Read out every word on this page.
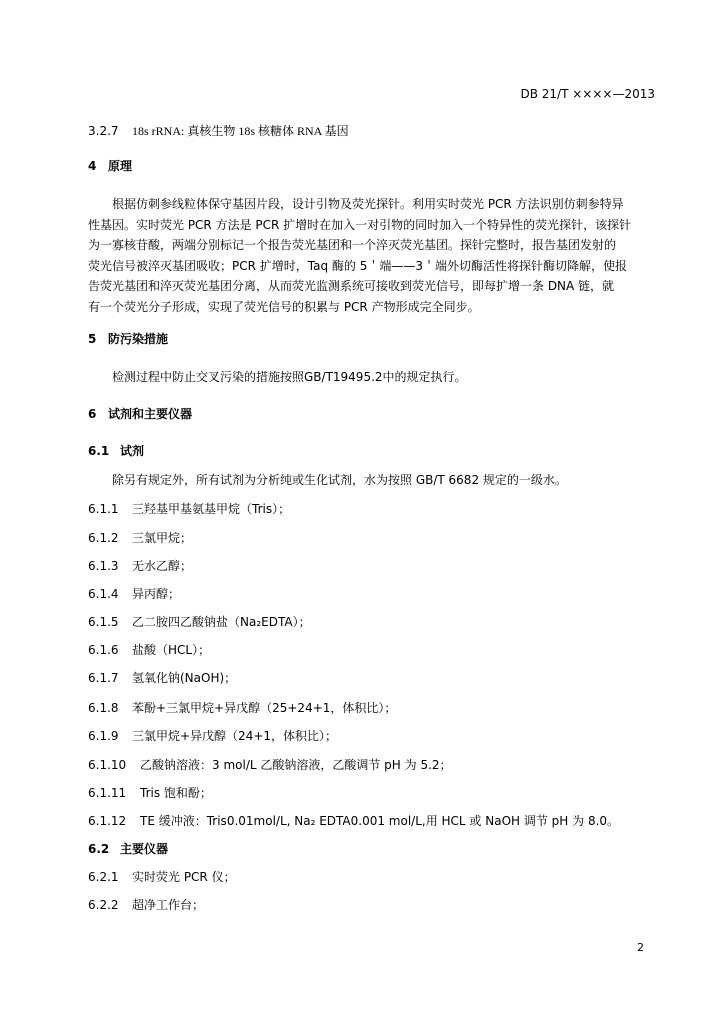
DB 21/T ××××—2013
3.2.7 18s rRNA: 真核生物 18s 核糖体 RNA 基因
4 原理
根据仿刺参线粒体保守基因片段，设计引物及荧光探针。利用实时荧光 PCR 方法识别仿刺参特异
性基因。实时荧光 PCR 方法是 PCR 扩增时在加入一对引物的同时加入一个特异性的荧光探针，该探针
为一寡核苷酸，两端分别标记一个报告荧光基团和一个淬灭荧光基团。探针完整时，报告基团发射的
荧光信号被淬灭基团吸收；PCR 扩增时，Taq 酶的 5＇端——3＇端外切酶活性将探针酶切降解，使报
告荧光基团和淬灭荧光基团分离，从而荧光监测系统可接收到荧光信号，即每扩增一条 DNA 链，就
有一个荧光分子形成，实现了荧光信号的积累与 PCR 产物形成完全同步。
5 防污染措施
检测过程中防止交叉污染的措施按照GB/T19495.2中的规定执行。
6 试剂和主要仪器
6.1 试剂
除另有规定外，所有试剂为分析纯或生化试剂，水为按照 GB/T 6682 规定的一级水。
6.1.1 三羟基甲基氨基甲烷（Tris）；
6.1.2 三氯甲烷；
6.1.3 无水乙醇；
6.1.4 异丙醇；
6.1.5 乙二胺四乙酸钠盐（Na₂EDTA）；
6.1.6 盐酸（HCL）；
6.1.7 氢氧化钠(NaOH)；
6.1.8 苯酚+三氯甲烷+异戊醇（25+24+1，体积比）；
6.1.9 三氯甲烷+异戊醇（24+1，体积比）；
6.1.10 乙酸钠溶液：3 mol/L 乙酸钠溶液，乙酸调节 pH 为 5.2；
6.1.11 Tris 饱和酚；
6.1.12 TE 缓冲液：Tris0.01mol/L, Na₂ EDTA0.001 mol/L,用 HCL 或 NaOH 调节 pH 为 8.0。
6.2 主要仪器
6.2.1 实时荧光 PCR 仪；
6.2.2 超净工作台；
2
